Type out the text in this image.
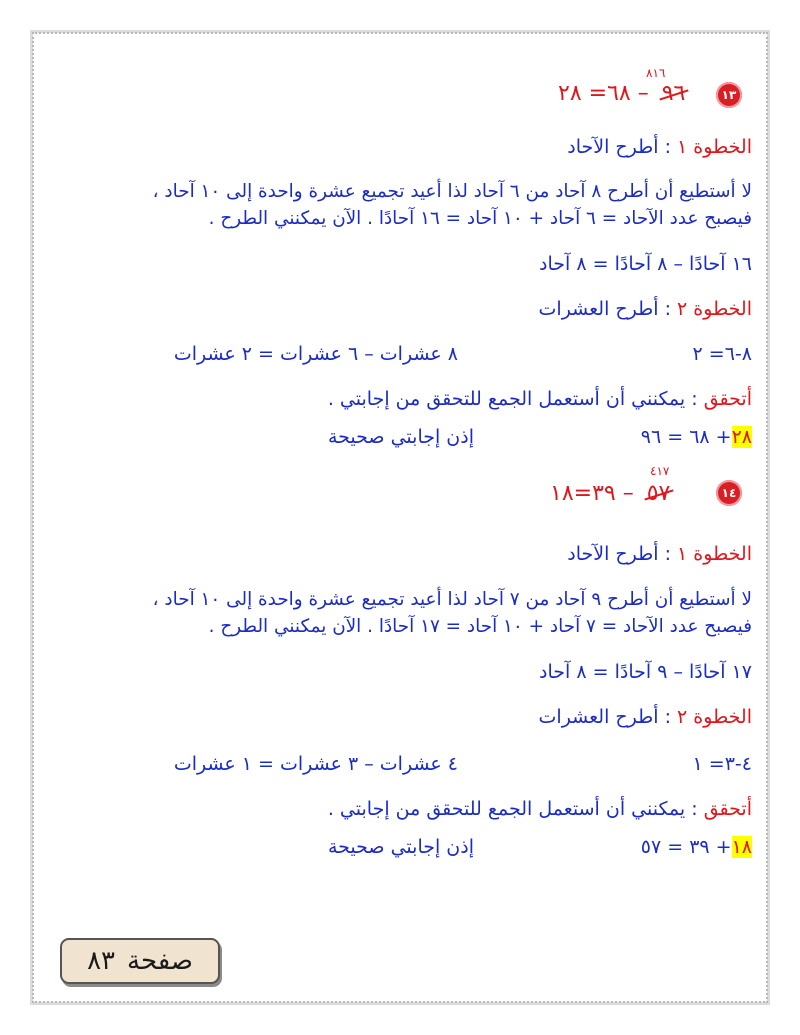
١٣
٨١٦
– ٦٨= ٢٨ ٩٦
الخطوة ١ : أطرح الآحاد
لا أستطيع أن أطرح ٨ آحاد من ٦ آحاد لذا أعيد تجميع عشرة واحدة إلى ١٠ آحاد ،
فيصبح عدد الآحاد = ٦ آحاد + ١٠ آحاد = ١٦ آحادًا . الآن يمكنني الطرح .
١٦ آحادًا – ٨ آحادًا = ٨ آحاد
الخطوة ٢ : أطرح العشرات
٨-٦= ٢
٨ عشرات – ٦ عشرات = ٢ عشرات
أتحقق : يمكنني أن أستعمل الجمع للتحقق من إجابتي .
٢٨+ ٦٨ = ٩٦
إذن إجابتي صحيحة
١٤
٤١٧
– ٣٩=١٨ ٥٧
الخطوة ١ : أطرح الآحاد
لا أستطيع أن أطرح ٩ آحاد من ٧ آحاد لذا أعيد تجميع عشرة واحدة إلى ١٠ آحاد ،
فيصبح عدد الآحاد = ٧ آحاد + ١٠ آحاد = ١٧ آحادًا . الآن يمكنني الطرح .
١٧ آحادًا – ٩ آحادًا = ٨ آحاد
الخطوة ٢ : أطرح العشرات
٤-٣= ١
٤ عشرات – ٣ عشرات = ١ عشرات
أتحقق : يمكنني أن أستعمل الجمع للتحقق من إجابتي .
١٨+ ٣٩ = ٥٧
إذن إجابتي صحيحة
صفحة
٨٣
